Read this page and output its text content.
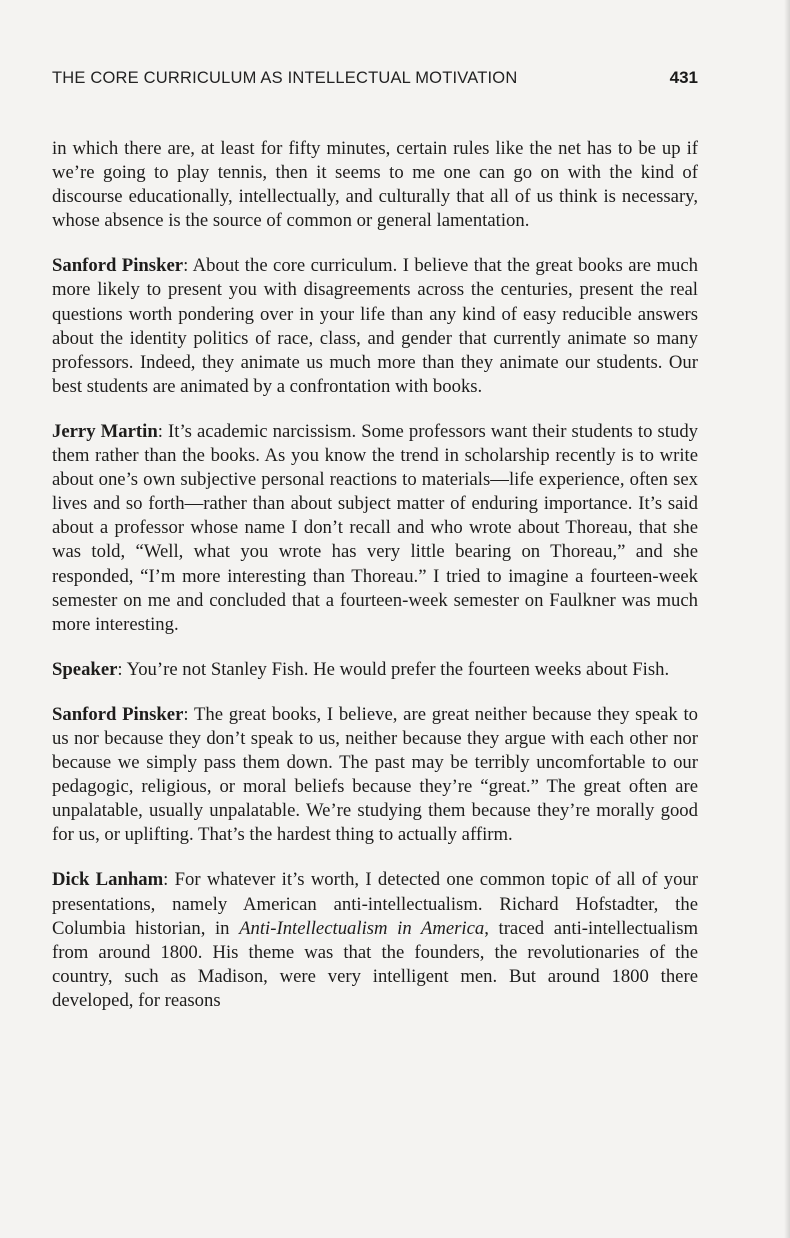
THE CORE CURRICULUM AS INTELLECTUAL MOTIVATION	431

in which there are, at least for fifty minutes, certain rules like the net has to be up if we’re going to play tennis, then it seems to me one can go on with the kind of discourse educationally, intellectually, and culturally that all of us think is necessary, whose absence is the source of common or general lamentation.

Sanford Pinsker: About the core curriculum. I believe that the great books are much more likely to present you with disagreements across the centuries, present the real questions worth pondering over in your life than any kind of easy reducible answers about the identity politics of race, class, and gender that currently animate so many professors. Indeed, they animate us much more than they animate our students. Our best students are animated by a confrontation with books.

Jerry Martin: It’s academic narcissism. Some professors want their students to study them rather than the books. As you know the trend in scholarship recently is to write about one’s own subjective personal reactions to materials—life experience, often sex lives and so forth—rather than about subject matter of enduring importance. It’s said about a professor whose name I don’t recall and who wrote about Thoreau, that she was told, “Well, what you wrote has very little bearing on Thoreau,” and she responded, “I’m more interesting than Thoreau.” I tried to imagine a fourteen-week semester on me and concluded that a fourteen-week semester on Faulkner was much more interesting.

Speaker: You’re not Stanley Fish. He would prefer the fourteen weeks about Fish.

Sanford Pinsker: The great books, I believe, are great neither because they speak to us nor because they don’t speak to us, neither because they argue with each other nor because we simply pass them down. The past may be terribly uncomfortable to our pedagogic, religious, or moral beliefs because they’re “great.” The great often are unpalatable, usually unpalatable. We’re studying them because they’re morally good for us, or uplifting. That’s the hardest thing to actually affirm.

Dick Lanham: For whatever it’s worth, I detected one common topic of all of your presentations, namely American anti-intellectualism. Richard Hofstadter, the Columbia historian, in Anti-Intellectualism in America, traced anti-intellectualism from around 1800. His theme was that the founders, the revolutionaries of the country, such as Madison, were very intelligent men. But around 1800 there developed, for reasons
